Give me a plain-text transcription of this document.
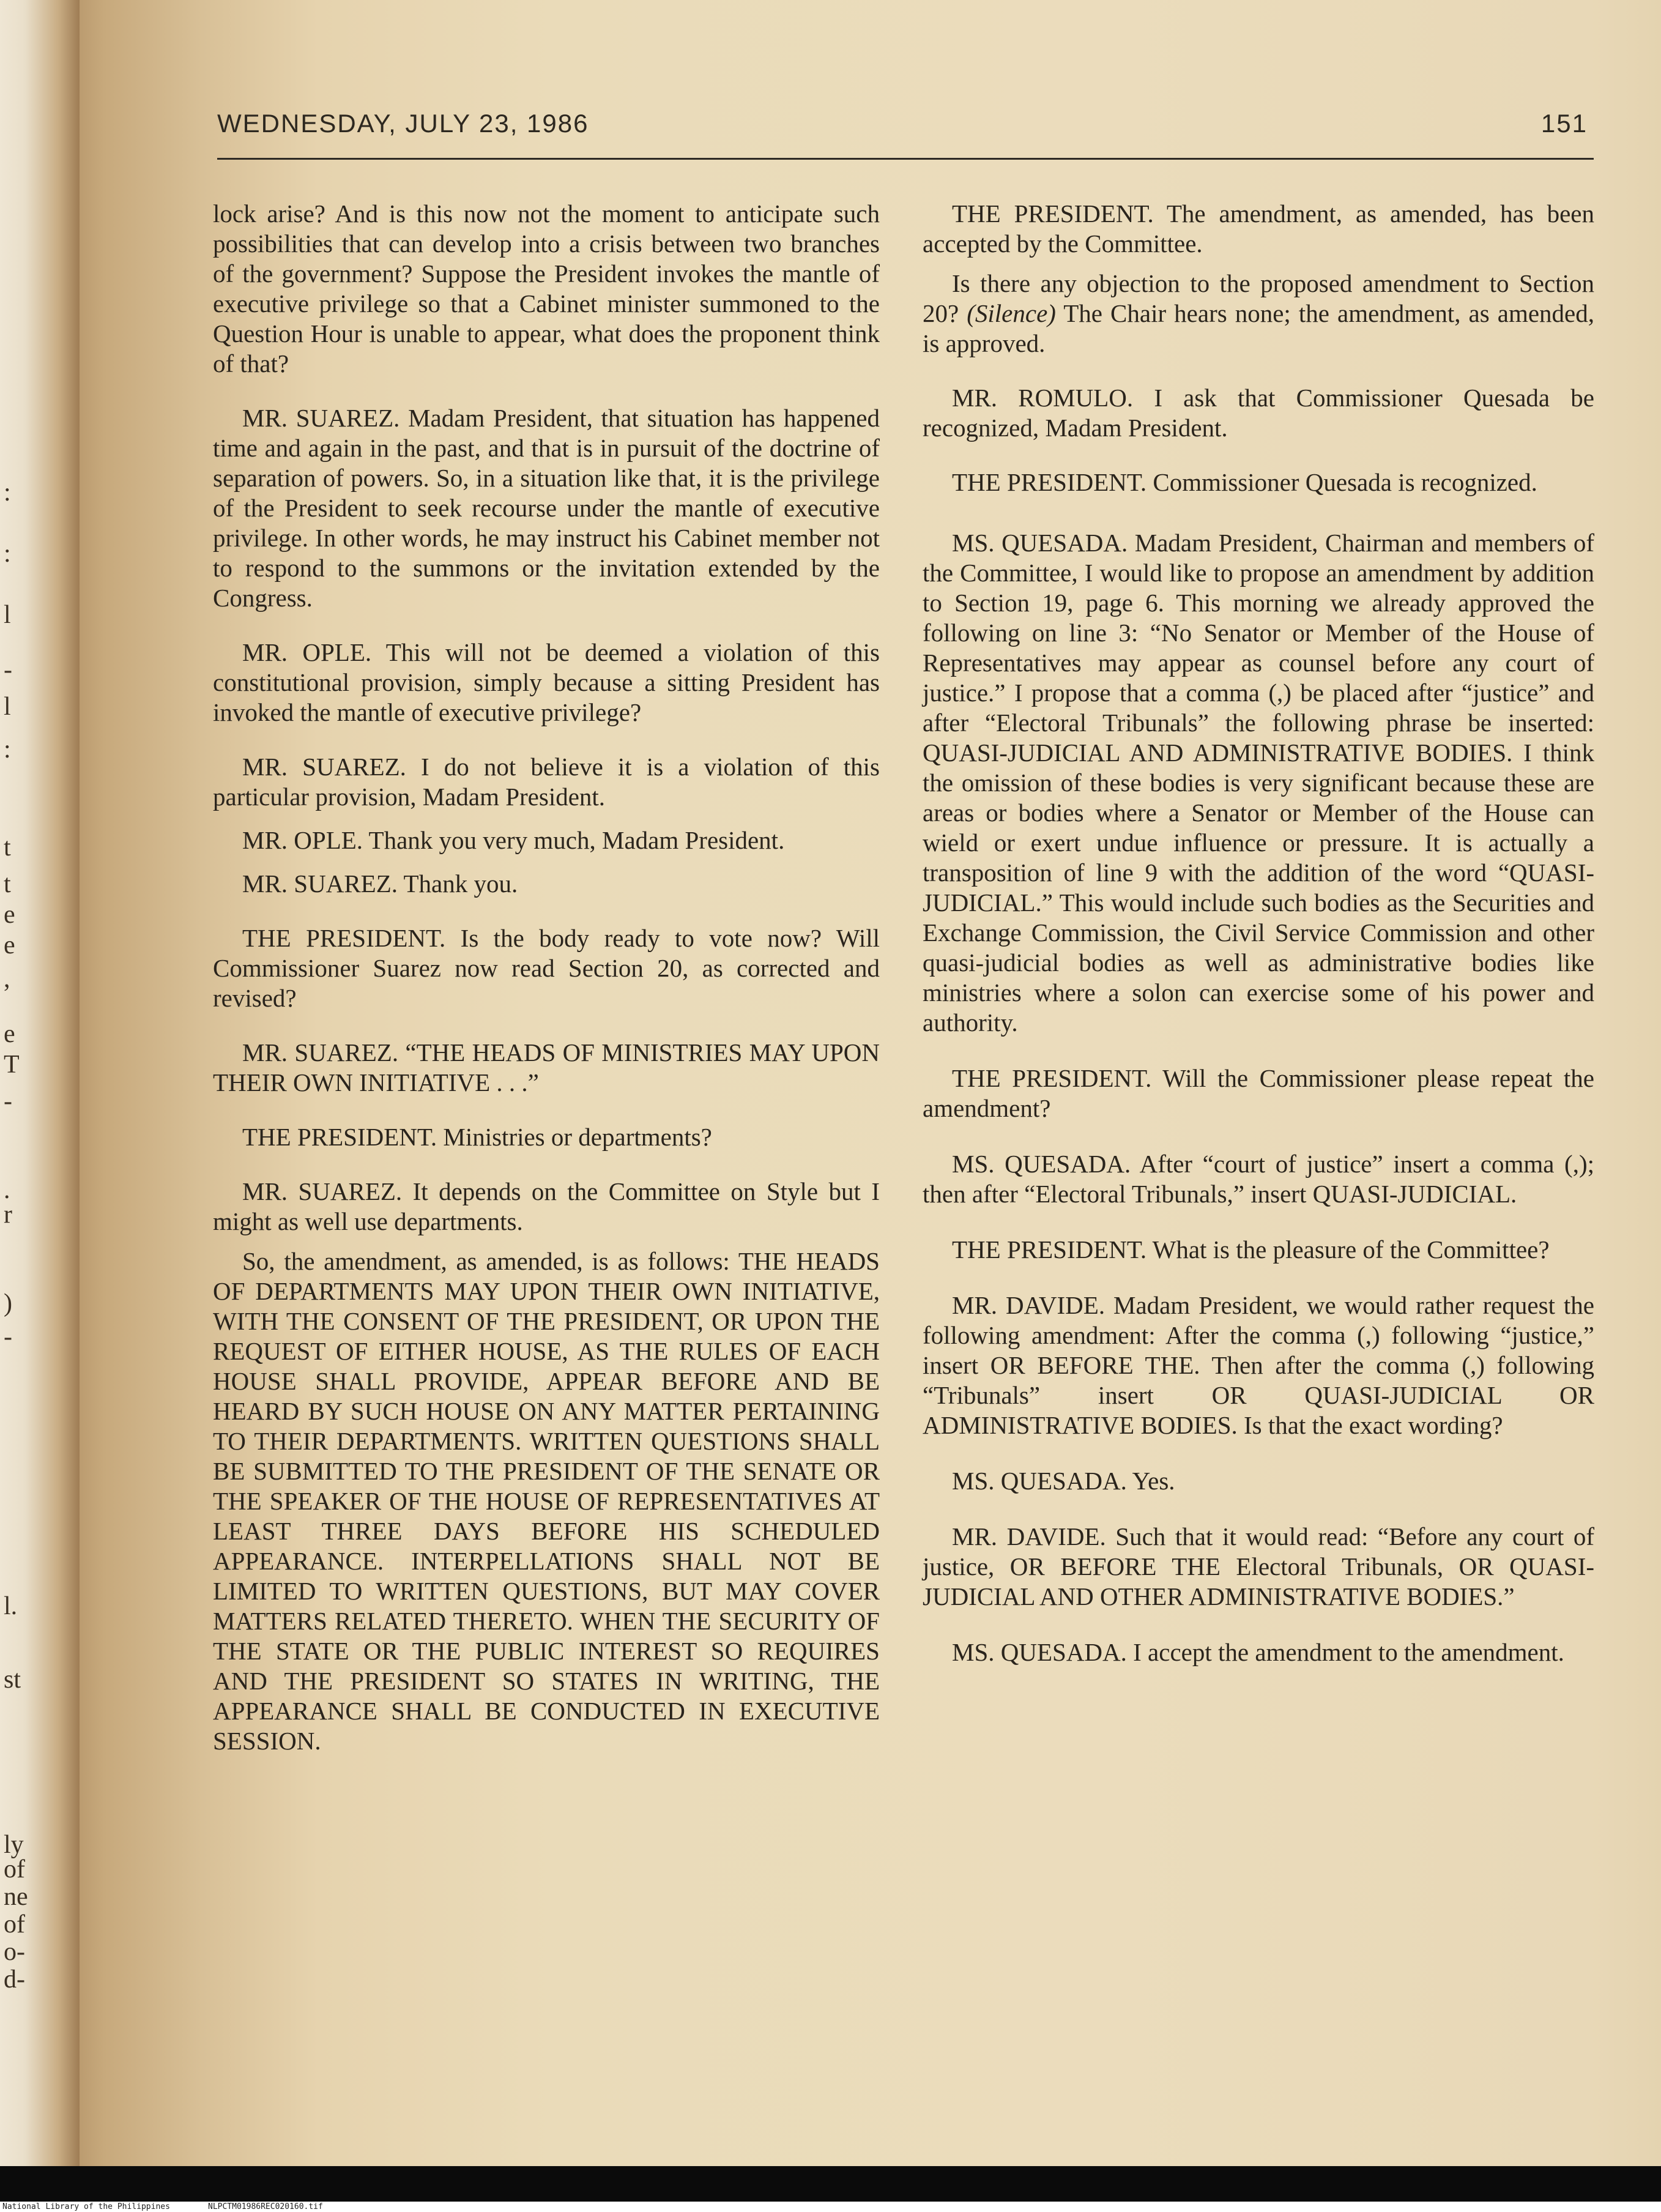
:
:
l
-
l
:
t
t
e
e
,
e
T
-
.
r
)
-
l.
st
ly
of
ne
of
o-
d-
WEDNESDAY, JULY 23, 1986	151

lock arise? And is this now not the moment to anticipate such possibilities that can develop into a crisis between two branches of the government? Suppose the President invokes the mantle of executive privilege so that a Cabinet minister summoned to the Question Hour is unable to appear, what does the proponent think of that?

MR. SUAREZ. Madam President, that situation has happened time and again in the past, and that is in pursuit of the doctrine of separation of powers. So, in a situation like that, it is the privilege of the President to seek recourse under the mantle of executive privilege. In other words, he may instruct his Cabinet member not to respond to the summons or the invitation extended by the Congress.

MR. OPLE. This will not be deemed a violation of this constitutional provision, simply because a sitting President has invoked the mantle of executive privilege?

MR. SUAREZ. I do not believe it is a violation of this particular provision, Madam President.

MR. OPLE. Thank you very much, Madam President.

MR. SUAREZ. Thank you.

THE PRESIDENT. Is the body ready to vote now? Will Commissioner Suarez now read Section 20, as corrected and revised?

MR. SUAREZ. “THE HEADS OF MINISTRIES MAY UPON THEIR OWN INITIATIVE . . .”

THE PRESIDENT. Ministries or departments?

MR. SUAREZ. It depends on the Committee on Style but I might as well use departments.

So, the amendment, as amended, is as follows: THE HEADS OF DEPARTMENTS MAY UPON THEIR OWN INITIATIVE, WITH THE CONSENT OF THE PRESIDENT, OR UPON THE REQUEST OF EITHER HOUSE, AS THE RULES OF EACH HOUSE SHALL PROVIDE, APPEAR BEFORE AND BE HEARD BY SUCH HOUSE ON ANY MATTER PERTAINING TO THEIR DEPARTMENTS. WRITTEN QUESTIONS SHALL BE SUBMITTED TO THE PRESIDENT OF THE SENATE OR THE SPEAKER OF THE HOUSE OF REPRESENTATIVES AT LEAST THREE DAYS BEFORE HIS SCHEDULED APPEARANCE. INTERPELLATIONS SHALL NOT BE LIMITED TO WRITTEN QUESTIONS, BUT MAY COVER MATTERS RELATED THERETO. WHEN THE SECURITY OF THE STATE OR THE PUBLIC INTEREST SO REQUIRES AND THE PRESIDENT SO STATES IN WRITING, THE APPEARANCE SHALL BE CONDUCTED IN EXECUTIVE SESSION.

THE PRESIDENT. The amendment, as amended, has been accepted by the Committee.

Is there any objection to the proposed amendment to Section 20? (Silence) The Chair hears none; the amendment, as amended, is approved.

MR. ROMULO. I ask that Commissioner Quesada be recognized, Madam President.

THE PRESIDENT. Commissioner Quesada is recognized.

MS. QUESADA. Madam President, Chairman and members of the Committee, I would like to propose an amendment by addition to Section 19, page 6. This morning we already approved the following on line 3: “No Senator or Member of the House of Representatives may appear as counsel before any court of justice.” I propose that a comma (,) be placed after “justice” and after “Electoral Tribunals” the following phrase be inserted: QUASI-JUDICIAL AND ADMINISTRATIVE BODIES. I think the omission of these bodies is very significant because these are areas or bodies where a Senator or Member of the House can wield or exert undue influence or pressure. It is actually a transposition of line 9 with the addition of the word “QUASI-JUDICIAL.” This would include such bodies as the Securities and Exchange Commission, the Civil Service Commission and other quasi-judicial bodies as well as administrative bodies like ministries where a solon can exercise some of his power and authority.

THE PRESIDENT. Will the Commissioner please repeat the amendment?

MS. QUESADA. After “court of justice” insert a comma (,); then after “Electoral Tribunals,” insert QUASI-JUDICIAL.

THE PRESIDENT. What is the pleasure of the Committee?

MR. DAVIDE. Madam President, we would rather request the following amendment: After the comma (,) following “justice,” insert OR BEFORE THE. Then after the comma (,) following “Tribunals” insert OR QUASI-JUDICIAL OR ADMINISTRATIVE BODIES. Is that the exact wording?

MS. QUESADA. Yes.

MR. DAVIDE. Such that it would read: “Before any court of justice, OR BEFORE THE Electoral Tribunals, OR QUASI-JUDICIAL AND OTHER ADMINISTRATIVE BODIES.”

MS. QUESADA. I accept the amendment to the amendment.

National Library of the Philippines	NLPCTM01986REC020160.tif
